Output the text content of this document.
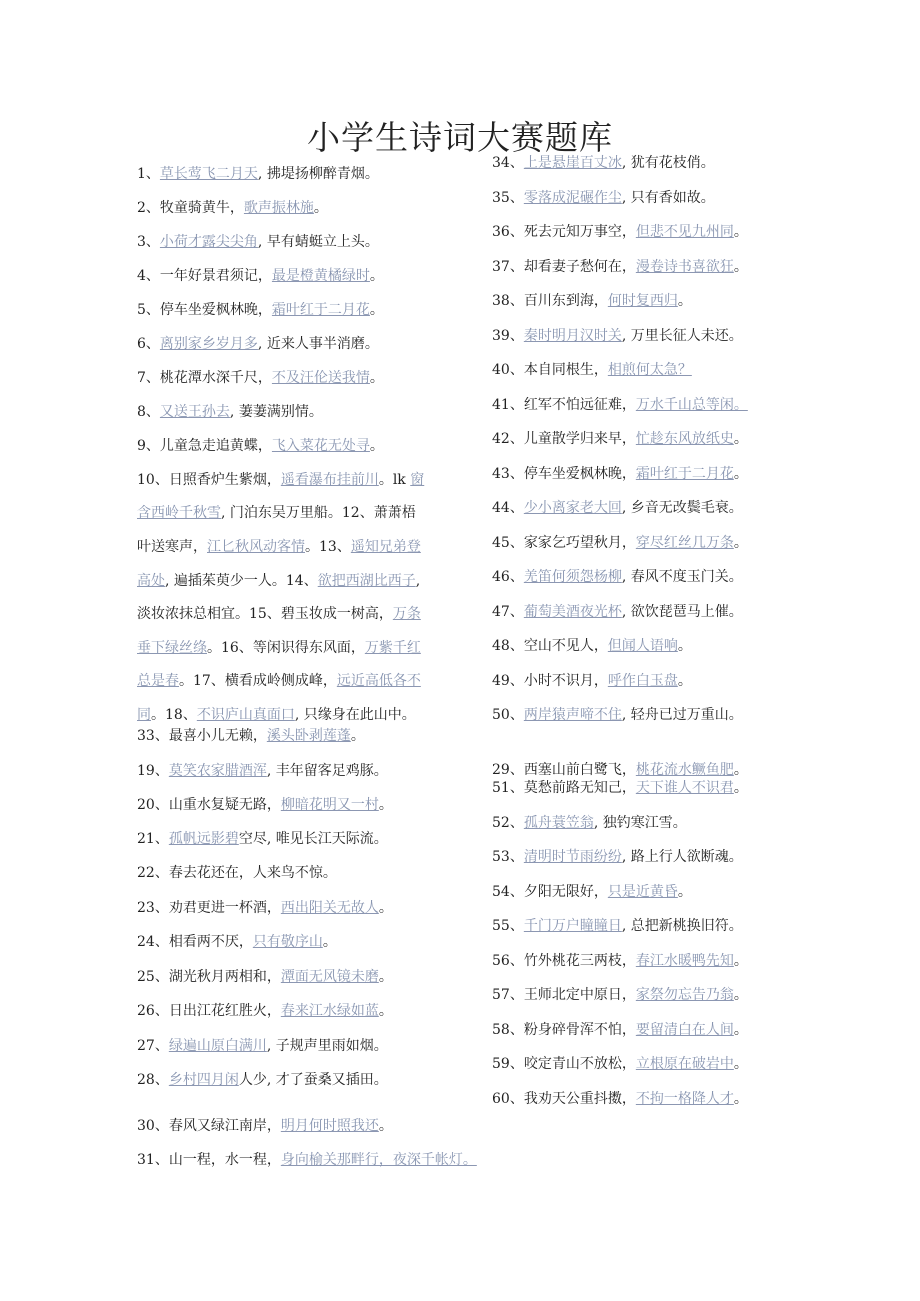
小学生诗词大赛题库
1、草长莺飞二月天, 拂堤扬柳醉青烟。
2、牧童骑黄牛，歌声振林施。
3、小荷才露尖尖角, 早有蜻蜓立上头。
4、一年好景君须记，最是橙黄橘绿时。
5、停车坐爱枫林晚，霜叶红于二月花。
6、离别家乡岁月多, 近来人事半消磨。
7、桃花潭水深千尺，不及汪伦送我情。
8、又送王孙去, 萋萋满别情。
9、儿童急走追黄蝶，飞入菜花无处寻。
10、日照香炉生紫烟，遥看瀑布挂前川。lk 窗
含西岭千秋雪, 门泊东吴万里船。12、萧萧梧
叶送寒声，江匕秋风动客情。13、遥知兄弟登
高处, 遍插茱萸少一人。14、欲把西湖比西子,
淡妆浓抹总相宜。15、碧玉妆成一树高，万条
垂下绿丝绦。16、等闲识得东风面，万紫千红
总是春。17、横看成岭侧成峰，远近高低各不
同。18、不识庐山真面口, 只缘身在此山中。
33、最喜小儿无赖，溪头卧剥莲蓬。
19、莫笑农家腊酒浑, 丰年留客足鸡豚。
20、山重水复疑无路，柳暗花明又一村。
21、孤帆远影碧空尽, 唯见长江天际流。
22、春去花还在，人来鸟不惊。
23、劝君更进一杯酒，西出阳关无故人。
24、相看两不厌，只有敬序山。
25、湖光秋月两相和，潭面无风镜未磨。
26、日出江花红胜火，春来江水绿如蓝。
27、绿遍山原白满川, 子规声里雨如烟。
28、乡村四月闲人少, 才了蚕桑又插田。
30、春风又绿江南岸，明月何时照我还。
31、山一程，水一程，身向榆关那畔行，夜深千帐灯。
34、上是悬崖百丈冰, 犹有花枝俏。
35、零落成泥碾作尘, 只有香如故。
36、死去元知万事空，但悲不见九州同。
37、却看妻子愁何在，漫卷诗书喜欲狂。
38、百川东到海，何时复西归。
39、秦时明月汉时关, 万里长征人未还。
40、本自同根生，相煎何太急？
41、红军不怕远征难，万水千山总等闲。
42、儿童散学归来早，忙趁东风放纸史。
43、停车坐爱枫林晚，霜叶红于二月花。
44、少小离家老大回, 乡音无改鬓毛衰。
45、家家乞巧望秋月，穿尽红丝几万条。
46、羌笛何须怨杨柳, 春风不度玉门关。
47、葡萄美酒夜光杯, 欲饮琵琶马上催。
48、空山不见人，但闻人语响。
49、小时不识月，呼作白玉盘。
50、两岸猿声啼不住, 轻舟已过万重山。
29、西塞山前白鹭飞，桃花流水鳜鱼肥。
51、莫愁前路无知己，天下谁人不识君。
52、孤舟蓑笠翁, 独钓寒江雪。
53、清明时节雨纷纷, 路上行人欲断魂。
54、夕阳无限好，只是近黄昏。
55、千门万户瞳瞳日, 总把新桃换旧符。
56、竹外桃花三两枝，春江水暖鸭先知。
57、王师北定中原日，家祭勿忘告乃翁。
58、粉身碎骨浑不怕，要留清白在人间。
59、咬定青山不放松，立根原在破岩中。
60、我劝天公重抖擞，不拘一格降人才。
